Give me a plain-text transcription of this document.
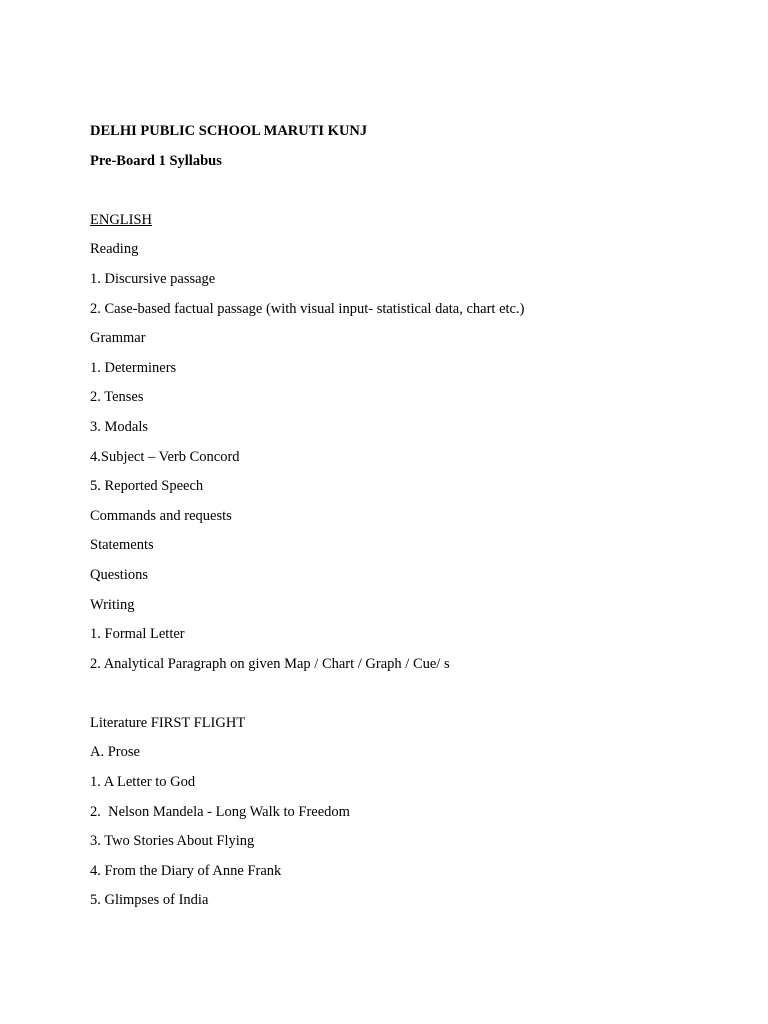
DELHI PUBLIC SCHOOL MARUTI KUNJ
Pre-Board 1 Syllabus
ENGLISH
Reading
1. Discursive passage
2. Case-based factual passage (with visual input- statistical data, chart etc.)
Grammar
1. Determiners
2. Tenses
3. Modals
4.Subject – Verb Concord
5. Reported Speech
Commands and requests
Statements
Questions
Writing
1. Formal Letter
2. Analytical Paragraph on given Map / Chart / Graph / Cue/ s
Literature FIRST FLIGHT
A. Prose
1. A Letter to God
2.  Nelson Mandela - Long Walk to Freedom
3. Two Stories About Flying
4. From the Diary of Anne Frank
5. Glimpses of India
